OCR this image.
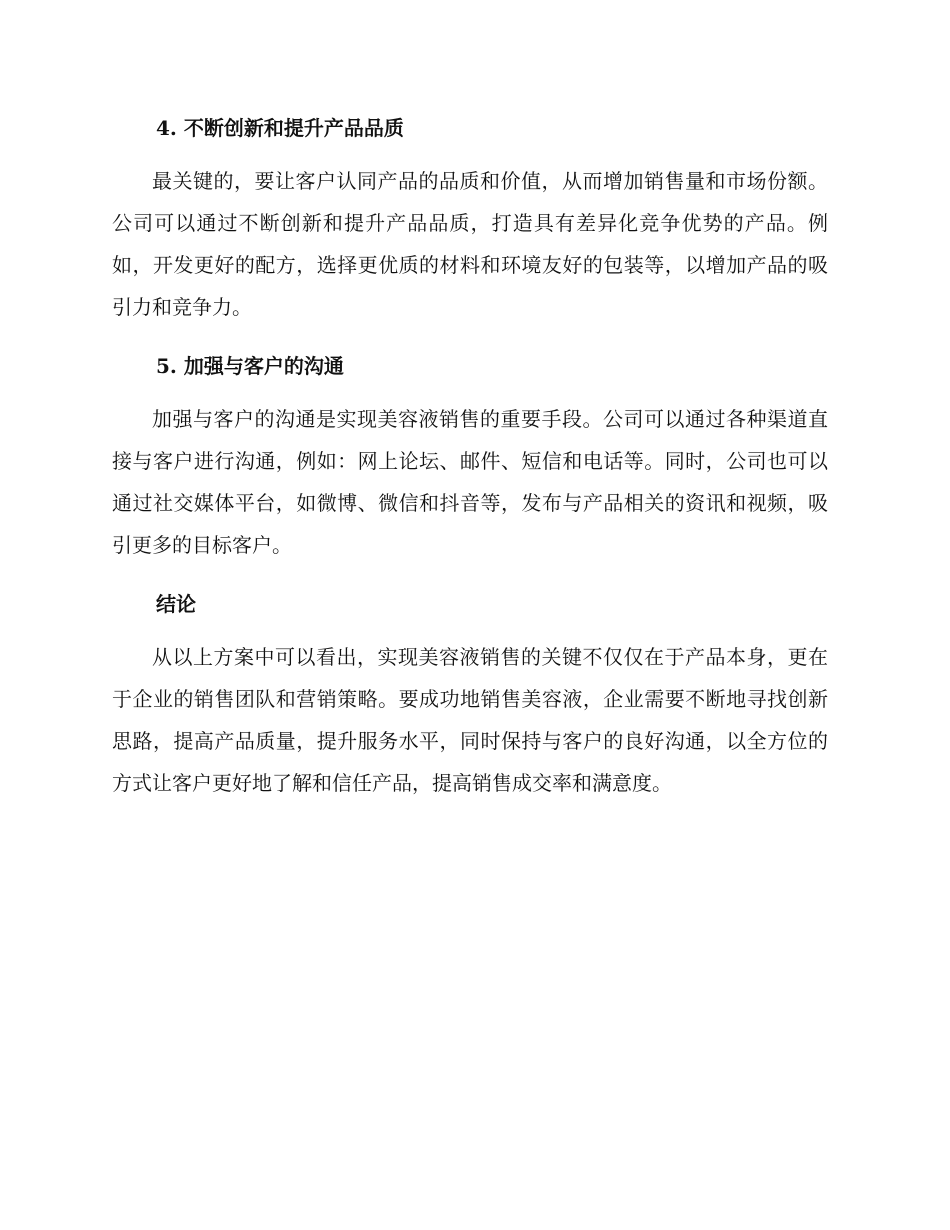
4. 不断创新和提升产品品质

最关键的，要让客户认同产品的品质和价值，从而增加销售量和市场份额。公司可以通过不断创新和提升产品品质，打造具有差异化竞争优势的产品。例如，开发更好的配方，选择更优质的材料和环境友好的包装等，以增加产品的吸引力和竞争力。

5. 加强与客户的沟通

加强与客户的沟通是实现美容液销售的重要手段。公司可以通过各种渠道直接与客户进行沟通，例如：网上论坛、邮件、短信和电话等。同时，公司也可以通过社交媒体平台，如微博、微信和抖音等，发布与产品相关的资讯和视频，吸引更多的目标客户。

结论

从以上方案中可以看出，实现美容液销售的关键不仅仅在于产品本身，更在于企业的销售团队和营销策略。要成功地销售美容液，企业需要不断地寻找创新思路，提高产品质量，提升服务水平，同时保持与客户的良好沟通，以全方位的方式让客户更好地了解和信任产品，提高销售成交率和满意度。
